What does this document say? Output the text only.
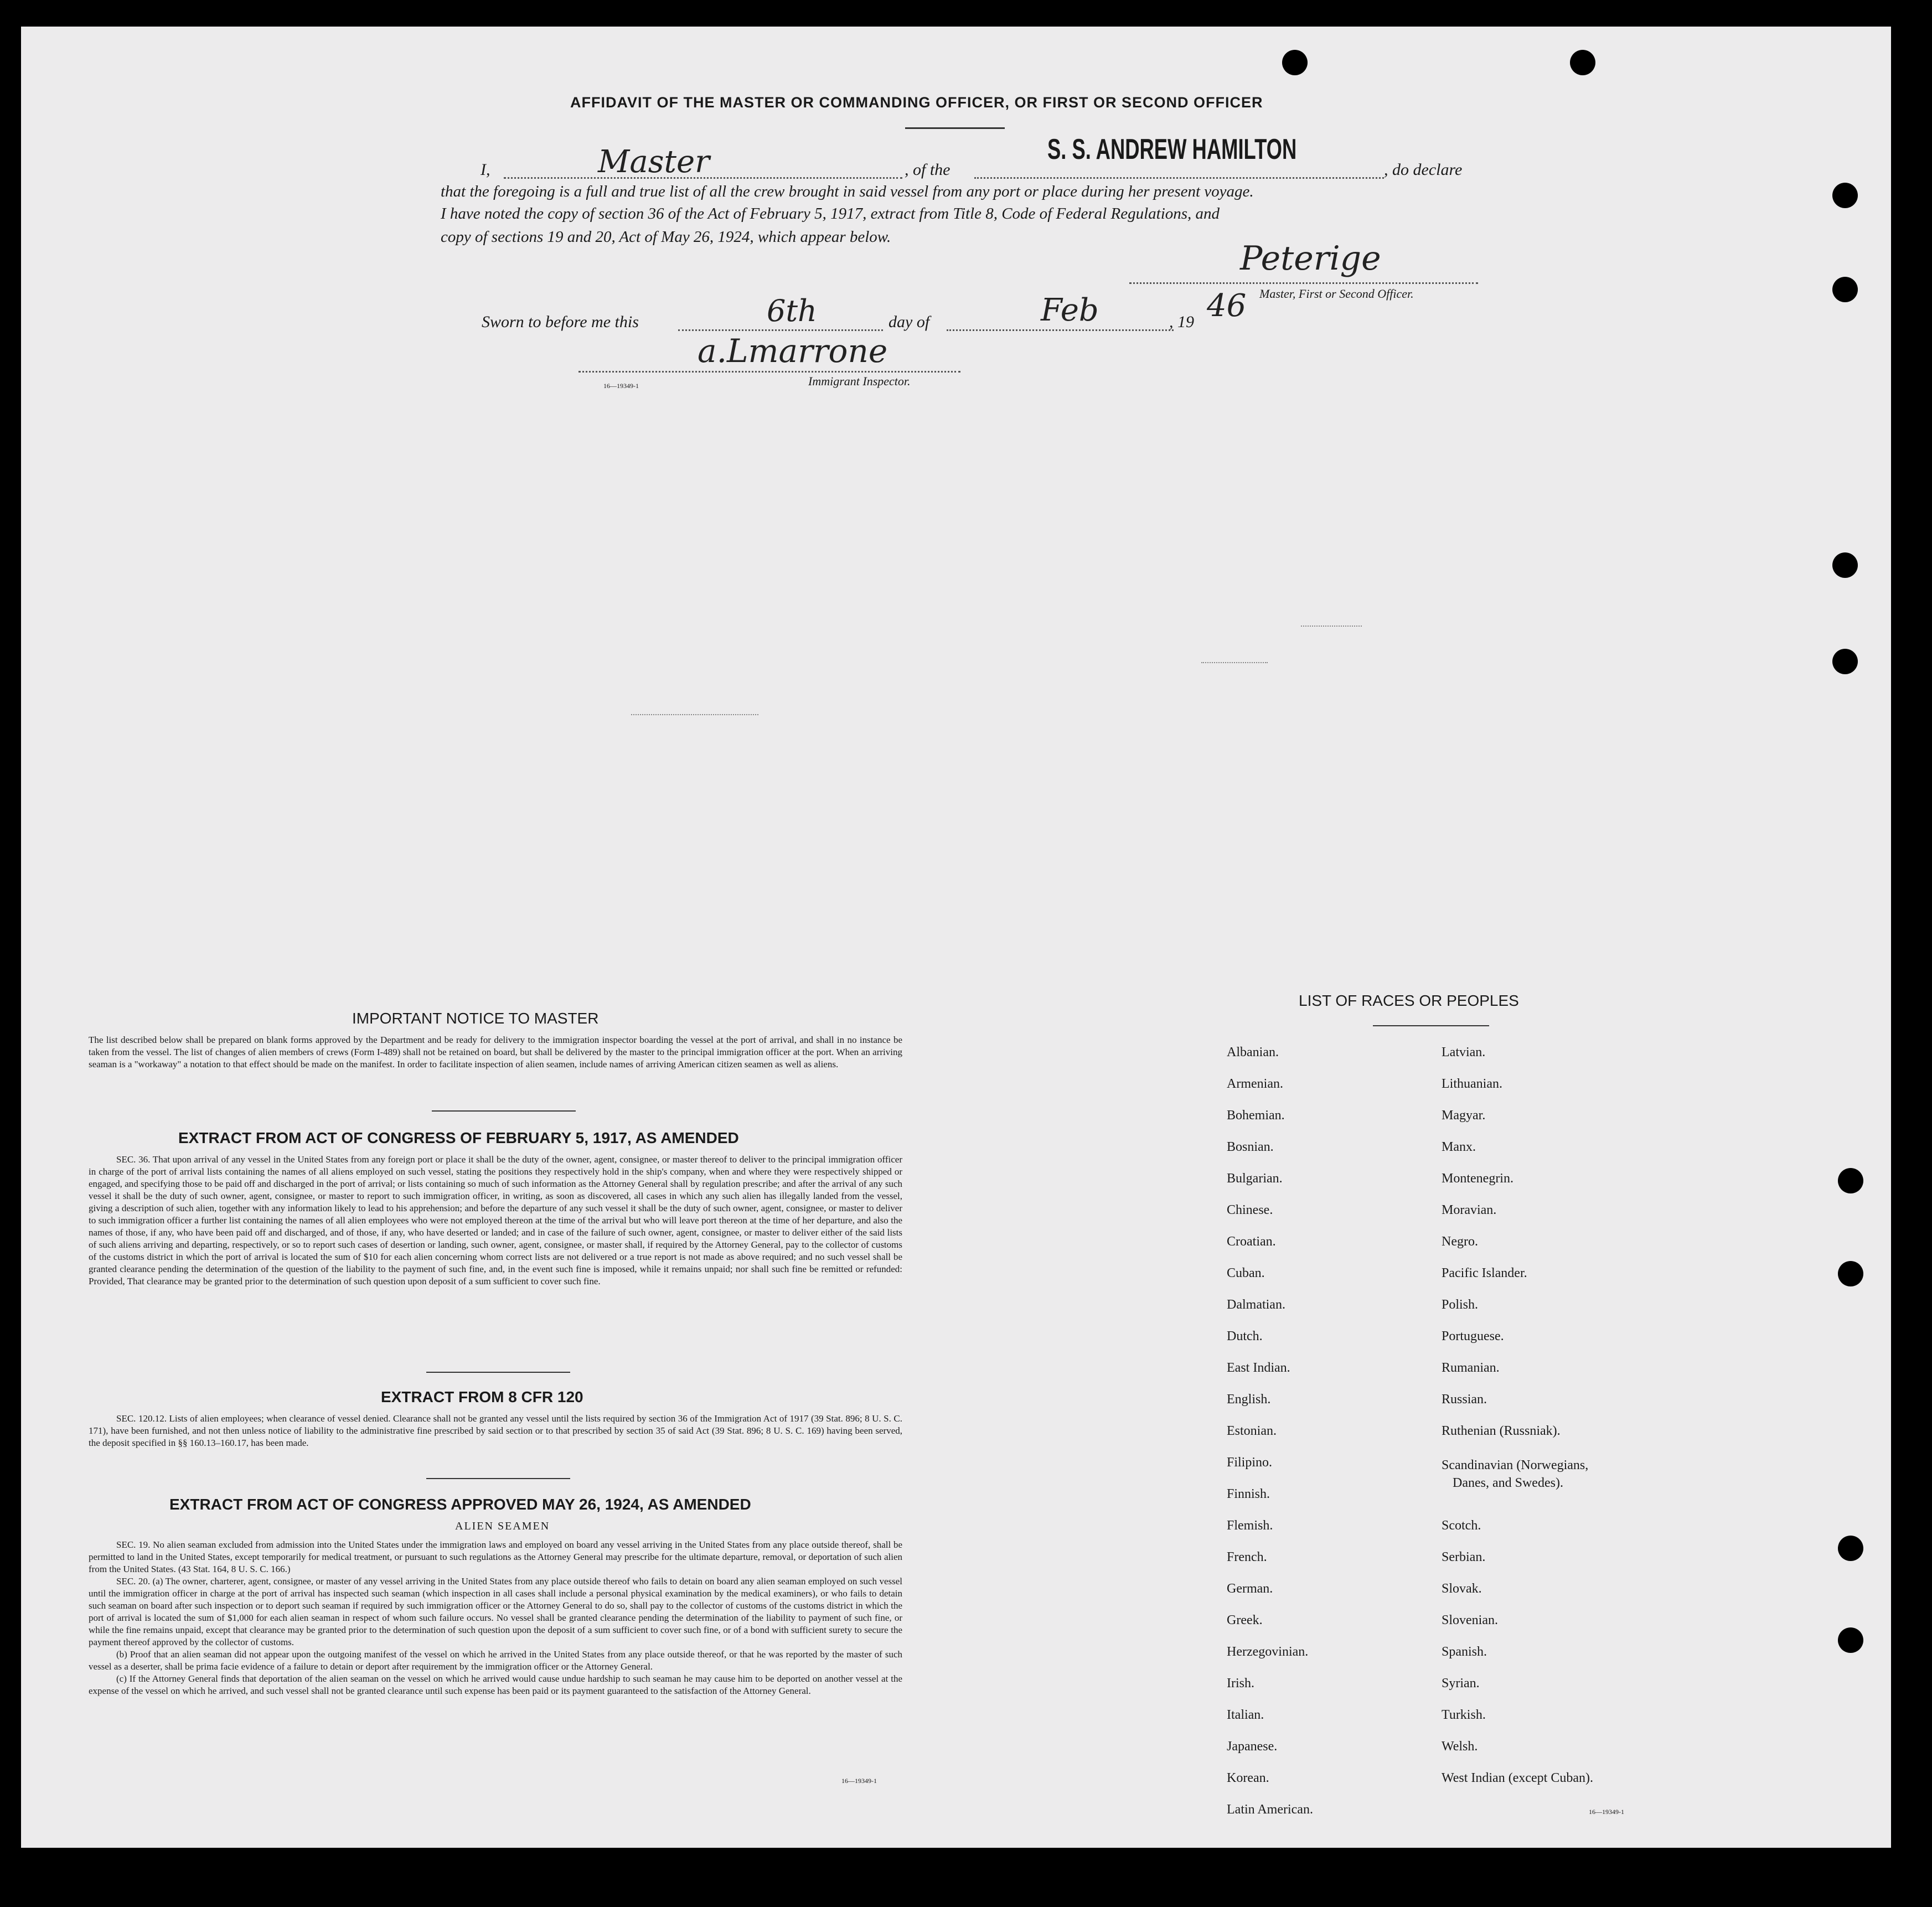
AFFIDAVIT OF THE MASTER OR COMMANDING OFFICER, OR FIRST OR SECOND OFFICER
I,	Master	, of the
S. S. ANDREW HAMILTON
, do declare
that the foregoing is a full and true list of all the crew brought in said vessel from any port or place during her present voyage.
I have noted the copy of section 36 of the Act of February 5, 1917, extract from Title 8, Code of Federal Regulations, and
copy of sections 19 and 20, Act of May 26, 1924, which appear below.
Peterige
Master, First or Second Officer.
Sworn to before me this	6th	day of	Feb	, 19 46
a.Lmarrone
16—19349-1	Immigrant Inspector.
IMPORTANT NOTICE TO MASTER

The list described below shall be prepared on blank forms approved by the Department and be ready for delivery to the immigration inspector boarding the vessel at the port of arrival, and shall in no instance be taken from the vessel. The list of changes of alien members of crews (Form I-489) shall not be retained on board, but shall be delivered by the master to the principal immigration officer at the port. When an arriving seaman is a "workaway" a notation to that effect should be made on the manifest. In order to facilitate inspection of alien seamen, include names of arriving American citizen seamen as well as aliens.

EXTRACT FROM ACT OF CONGRESS OF FEBRUARY 5, 1917, AS AMENDED

SEC. 36. That upon arrival of any vessel in the United States from any foreign port or place it shall be the duty of the owner, agent, consignee, or master thereof to deliver to the principal immigration officer in charge of the port of arrival lists containing the names of all aliens employed on such vessel, stating the positions they respectively hold in the ship's company, when and where they were respectively shipped or engaged, and specifying those to be paid off and discharged in the port of arrival; or lists containing so much of such information as the Attorney General shall by regulation prescribe; and after the arrival of any such vessel it shall be the duty of such owner, agent, consignee, or master to report to such immigration officer, in writing, as soon as discovered, all cases in which any such alien has illegally landed from the vessel, giving a description of such alien, together with any information likely to lead to his apprehension; and before the departure of any such vessel it shall be the duty of such owner, agent, consignee, or master to deliver to such immigration officer a further list containing the names of all alien employees who were not employed thereon at the time of the arrival but who will leave port thereon at the time of her departure, and also the names of those, if any, who have been paid off and discharged, and of those, if any, who have deserted or landed; and in case of the failure of such owner, agent, consignee, or master to deliver either of the said lists of such aliens arriving and departing, respectively, or so to report such cases of desertion or landing, such owner, agent, consignee, or master shall, if required by the Attorney General, pay to the collector of customs of the customs district in which the port of arrival is located the sum of $10 for each alien concerning whom correct lists are not delivered or a true report is not made as above required; and no such vessel shall be granted clearance pending the determination of the question of the liability to the payment of such fine, and, in the event such fine is imposed, while it remains unpaid; nor shall such fine be remitted or refunded: Provided, That clearance may be granted prior to the determination of such question upon deposit of a sum sufficient to cover such fine.

EXTRACT FROM 8 CFR 120

SEC. 120.12. Lists of alien employees; when clearance of vessel denied. Clearance shall not be granted any vessel until the lists required by section 36 of the Immigration Act of 1917 (39 Stat. 896; 8 U. S. C. 171), have been furnished, and not then unless notice of liability to the administrative fine prescribed by said section or to that prescribed by section 35 of said Act (39 Stat. 896; 8 U. S. C. 169) having been served, the deposit specified in §§ 160.13–160.17, has been made.

EXTRACT FROM ACT OF CONGRESS APPROVED MAY 26, 1924, AS AMENDED
ALIEN SEAMEN

SEC. 19. No alien seaman excluded from admission into the United States under the immigration laws and employed on board any vessel arriving in the United States from any place outside thereof, shall be permitted to land in the United States, except temporarily for medical treatment, or pursuant to such regulations as the Attorney General may prescribe for the ultimate departure, removal, or deportation of such alien from the United States. (43 Stat. 164, 8 U. S. C. 166.)

SEC. 20. (a) The owner, charterer, agent, consignee, or master of any vessel arriving in the United States from any place outside thereof who fails to detain on board any alien seaman employed on such vessel until the immigration officer in charge at the port of arrival has inspected such seaman (which inspection in all cases shall include a personal physical examination by the medical examiners), or who fails to detain such seaman on board after such inspection or to deport such seaman if required by such immigration officer or the Attorney General to do so, shall pay to the collector of customs of the customs district in which the port of arrival is located the sum of $1,000 for each alien seaman in respect of whom such failure occurs. No vessel shall be granted clearance pending the determination of the liability to payment of such fine, or while the fine remains unpaid, except that clearance may be granted prior to the determination of such question upon the deposit of a sum sufficient to cover such fine, or of a bond with sufficient surety to secure the payment thereof approved by the collector of customs.

(b) Proof that an alien seaman did not appear upon the outgoing manifest of the vessel on which he arrived in the United States from any place outside thereof, or that he was reported by the master of such vessel as a deserter, shall be prima facie evidence of a failure to detain or deport after requirement by the immigration officer or the Attorney General.

(c) If the Attorney General finds that deportation of the alien seaman on the vessel on which he arrived would cause undue hardship to such seaman he may cause him to be deported on another vessel at the expense of the vessel on which he arrived, and such vessel shall not be granted clearance until such expense has been paid or its payment guaranteed to the satisfaction of the Attorney General.

16—19349-1
LIST OF RACES OR PEOPLES
Albanian.
Armenian.
Bohemian.
Bosnian.
Bulgarian.
Chinese.
Croatian.
Cuban.
Dalmatian.
Dutch.
East Indian.
English.
Estonian.
Filipino.
Finnish.
Flemish.
French.
German.
Greek.
Herzegovinian.
Irish.
Italian.
Japanese.
Korean.
Latin American.
Latvian.
Lithuanian.
Magyar.
Manx.
Montenegrin.
Moravian.
Negro.
Pacific Islander.
Polish.
Portuguese.
Rumanian.
Russian.
Ruthenian (Russniak).
Scandinavian (Norwegians,
Danes, and Swedes).
Scotch.
Serbian.
Slovak.
Slovenian.
Spanish.
Syrian.
Turkish.
Welsh.
West Indian (except Cuban).
16—19349-1
